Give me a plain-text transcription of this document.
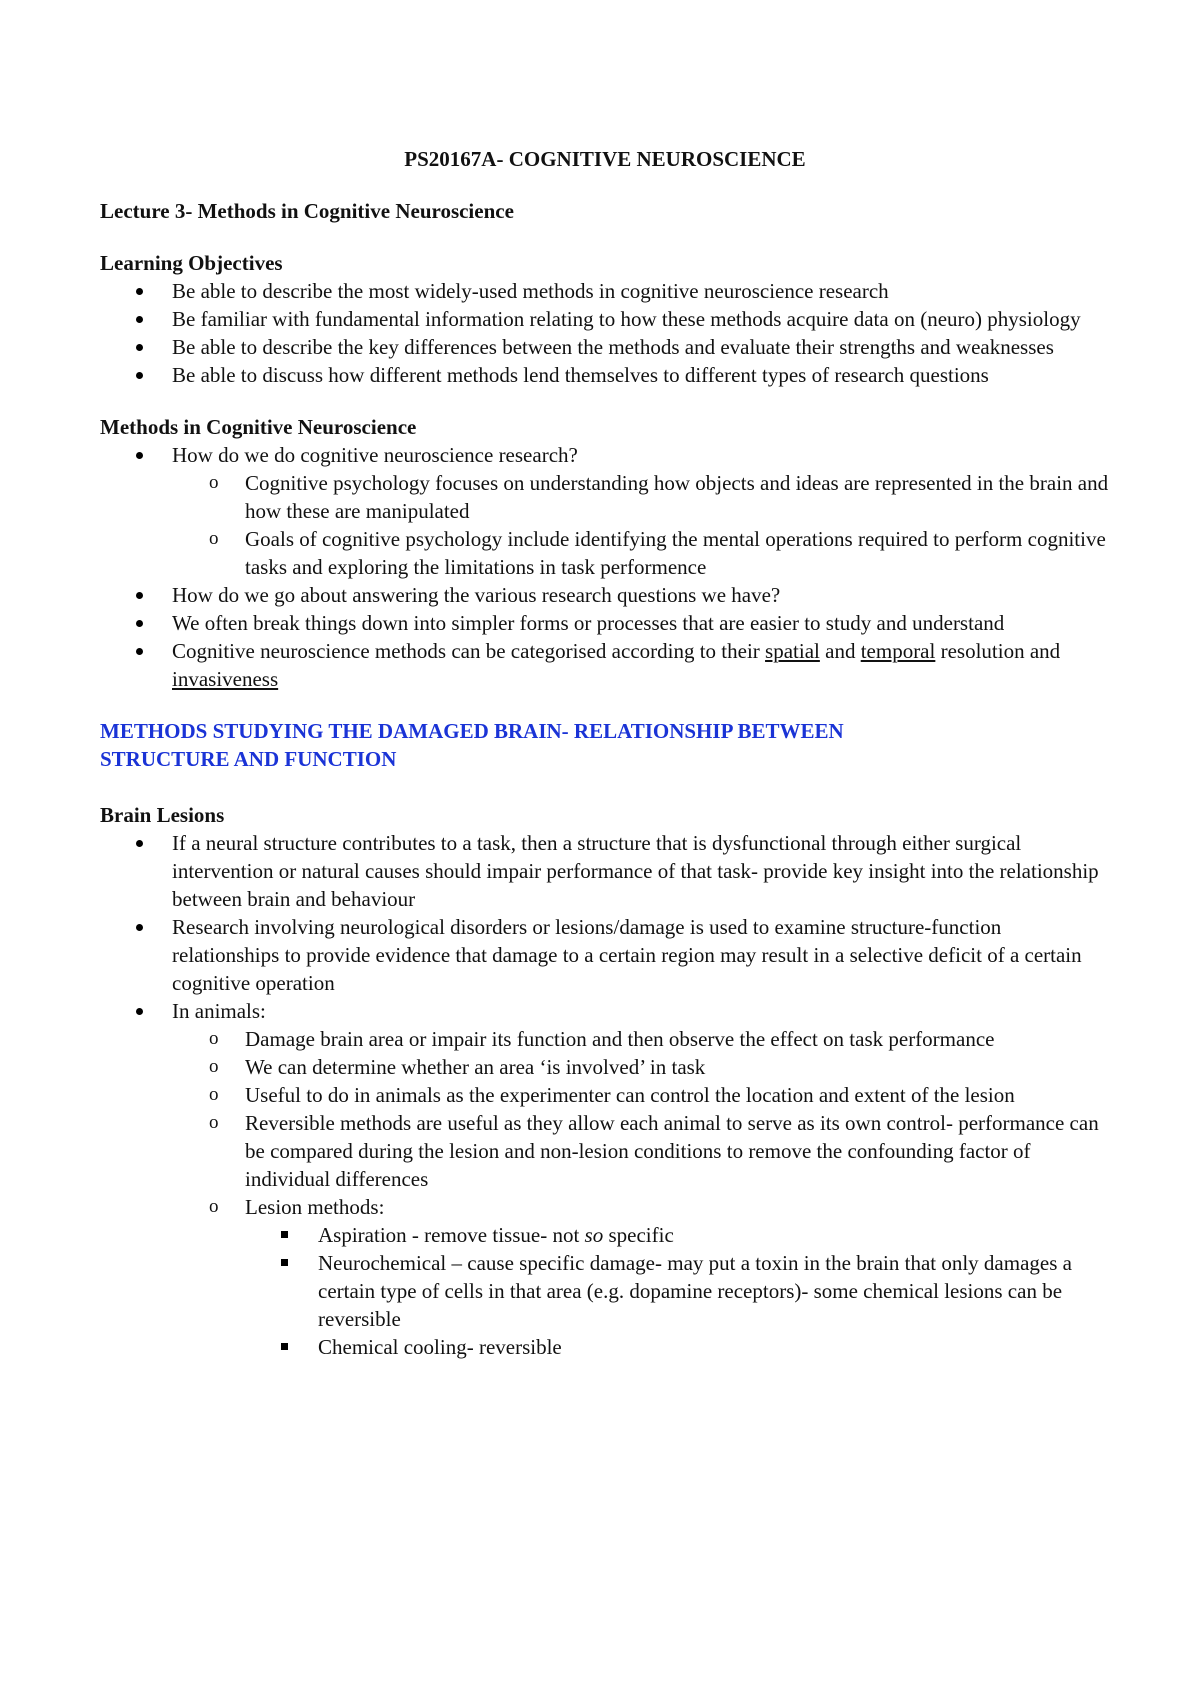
PS20167A- COGNITIVE NEUROSCIENCE
Lecture 3- Methods in Cognitive Neuroscience
Learning Objectives
Be able to describe the most widely-used methods in cognitive neuroscience research
Be familiar with fundamental information relating to how these methods acquire data on (neuro) physiology
Be able to describe the key differences between the methods and evaluate their strengths and weaknesses
Be able to discuss how different methods lend themselves to different types of research questions
Methods in Cognitive Neuroscience
How do we do cognitive neuroscience research?
o Cognitive psychology focuses on understanding how objects and ideas are represented in the brain and how these are manipulated
o Goals of cognitive psychology include identifying the mental operations required to perform cognitive tasks and exploring the limitations in task performence
How do we go about answering the various research questions we have?
We often break things down into simpler forms or processes that are easier to study and understand
Cognitive neuroscience methods can be categorised according to their spatial and temporal resolution and invasiveness
METHODS STUDYING THE DAMAGED BRAIN- RELATIONSHIP BETWEEN STRUCTURE AND FUNCTION
Brain Lesions
If a neural structure contributes to a task, then a structure that is dysfunctional through either surgical intervention or natural causes should impair performance of that task- provide key insight into the relationship between brain and behaviour
Research involving neurological disorders or lesions/damage is used to examine structure-function relationships to provide evidence that damage to a certain region may result in a selective deficit of a certain cognitive operation
In animals:
o Damage brain area or impair its function and then observe the effect on task performance
o We can determine whether an area ‘is involved’ in task
o Useful to do in animals as the experimenter can control the location and extent of the lesion
o Reversible methods are useful as they allow each animal to serve as its own control- performance can be compared during the lesion and non-lesion conditions to remove the confounding factor of individual differences
o Lesion methods:
Aspiration - remove tissue- not so specific
Neurochemical – cause specific damage- may put a toxin in the brain that only damages a certain type of cells in that area (e.g. dopamine receptors)- some chemical lesions can be reversible
Chemical cooling- reversible
